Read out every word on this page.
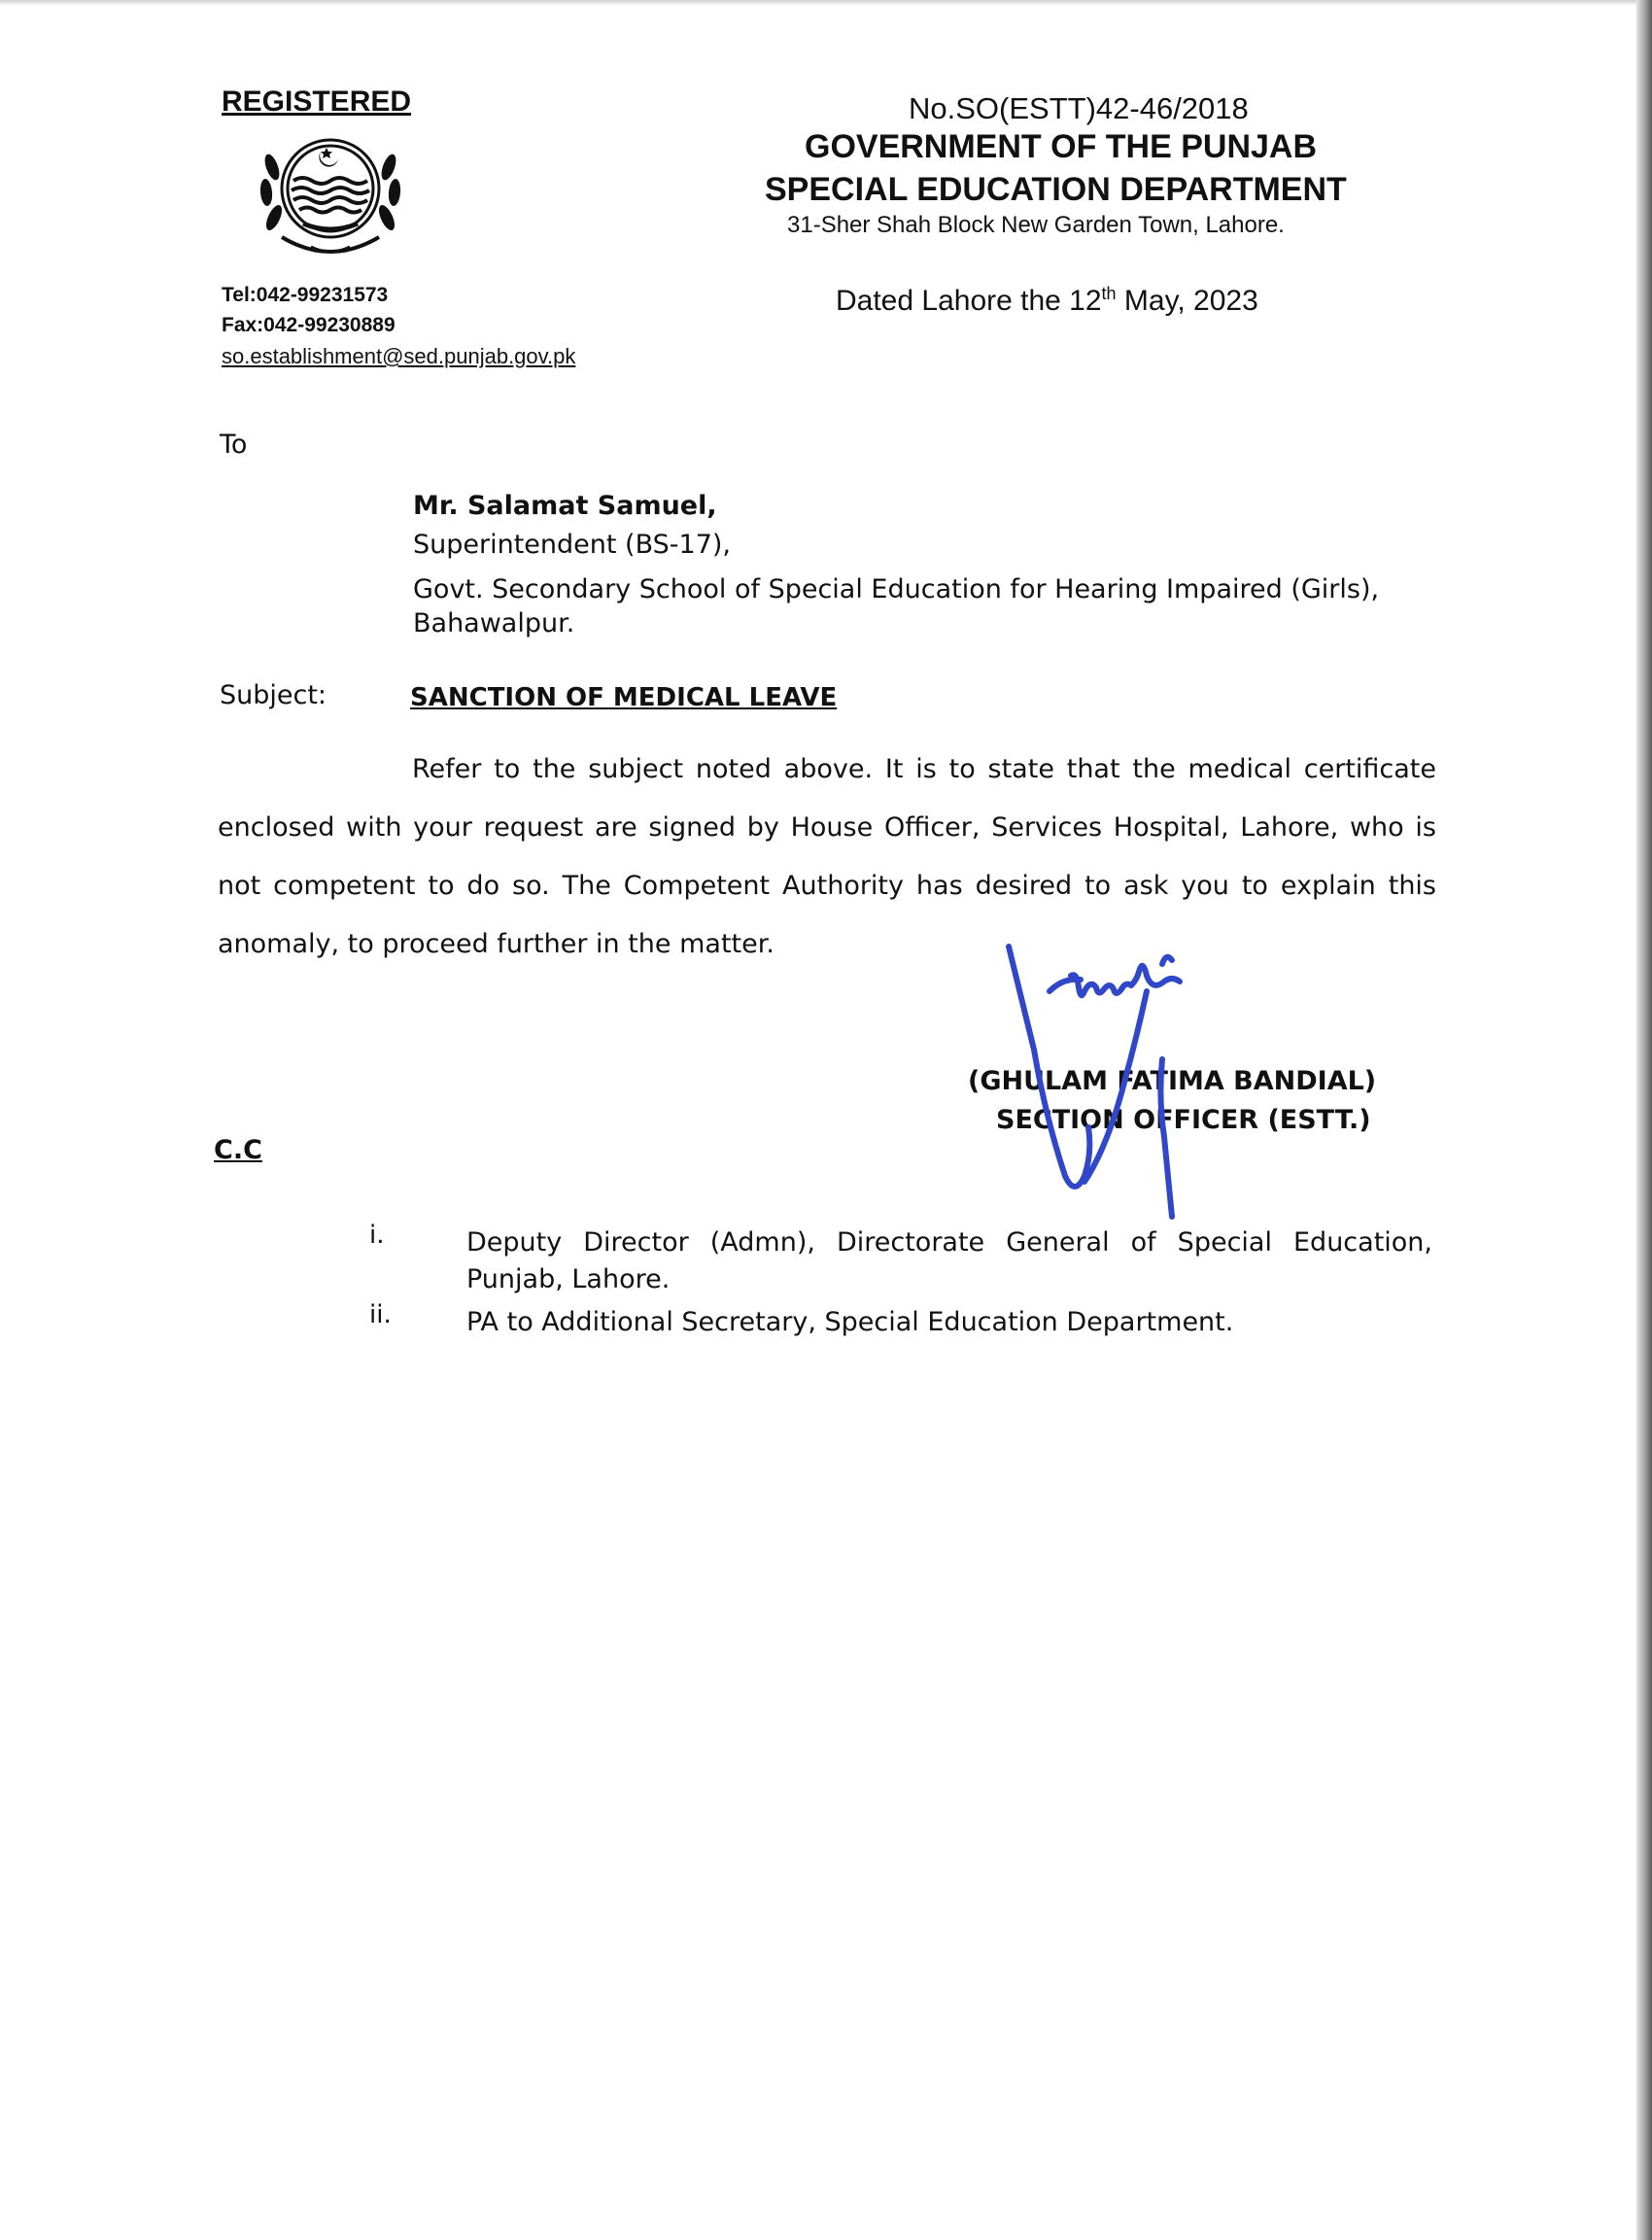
REGISTERED
Tel:042-99231573
Fax:042-99230889
so.establishment@sed.punjab.gov.pk
No.SO(ESTT)42-46/2018
GOVERNMENT OF THE PUNJAB
SPECIAL EDUCATION DEPARTMENT
31-Sher Shah Block New Garden Town, Lahore.
Dated Lahore the 12th May, 2023
To
Mr. Salamat Samuel,
Superintendent (BS-17),
Govt. Secondary School of Special Education for Hearing Impaired (Girls),
Bahawalpur.
Subject:	SANCTION OF MEDICAL LEAVE
Refer to the subject noted above. It is to state that the medical certificate enclosed with your request are signed by House Officer, Services Hospital, Lahore, who is not competent to do so. The Competent Authority has desired to ask you to explain this anomaly, to proceed further in the matter.
(GHULAM FATIMA BANDIAL)
SECTION OFFICER (ESTT.)
C.C
i.	Deputy Director (Admn), Directorate General of Special Education, Punjab, Lahore.
ii.	PA to Additional Secretary, Special Education Department.
